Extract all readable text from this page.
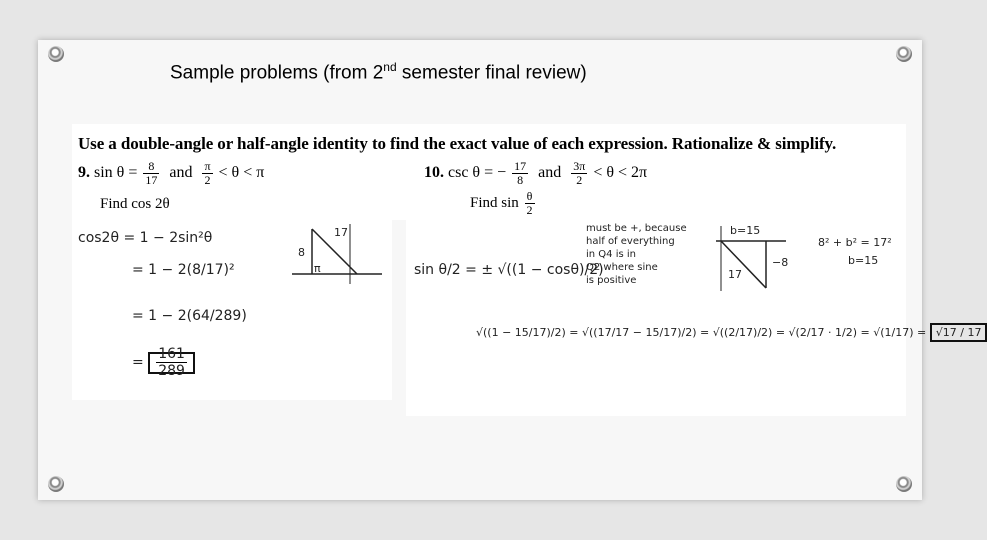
Sample problems (from 2nd semester final review)
Use a double-angle or half-angle identity to find the exact value of each expression. Rationalize & simplify.
9. $\sin \theta = \frac{8}{17}$ and $\frac{\pi}{2} < \theta < \pi$
Find cos 2θ
10. csc θ = − $\frac{17}{8}$ and $\frac{3\pi}{2} < \theta < 2\pi$
Find $\sin \frac{\theta}{2}$
cos2θ = 1 − 2sin²θ
= 1 − 2(8/17)²
= 1 − 2(64/289)
= $\frac{161}{289}$
17
8
π	sin θ/2 = ± √((1 − cosθ)/2)
must be +, because
half of everything
in Q4 is in
Q2 where sine
is positive
b=15
−8
17
8² + b² = 17²
b=15
√((1 − 15/17)/2) = √((17/17 − 15/17)/2) = √((2/17)/2) = √(2/17 · 1/2) = √(1/17) = √17 / 17
